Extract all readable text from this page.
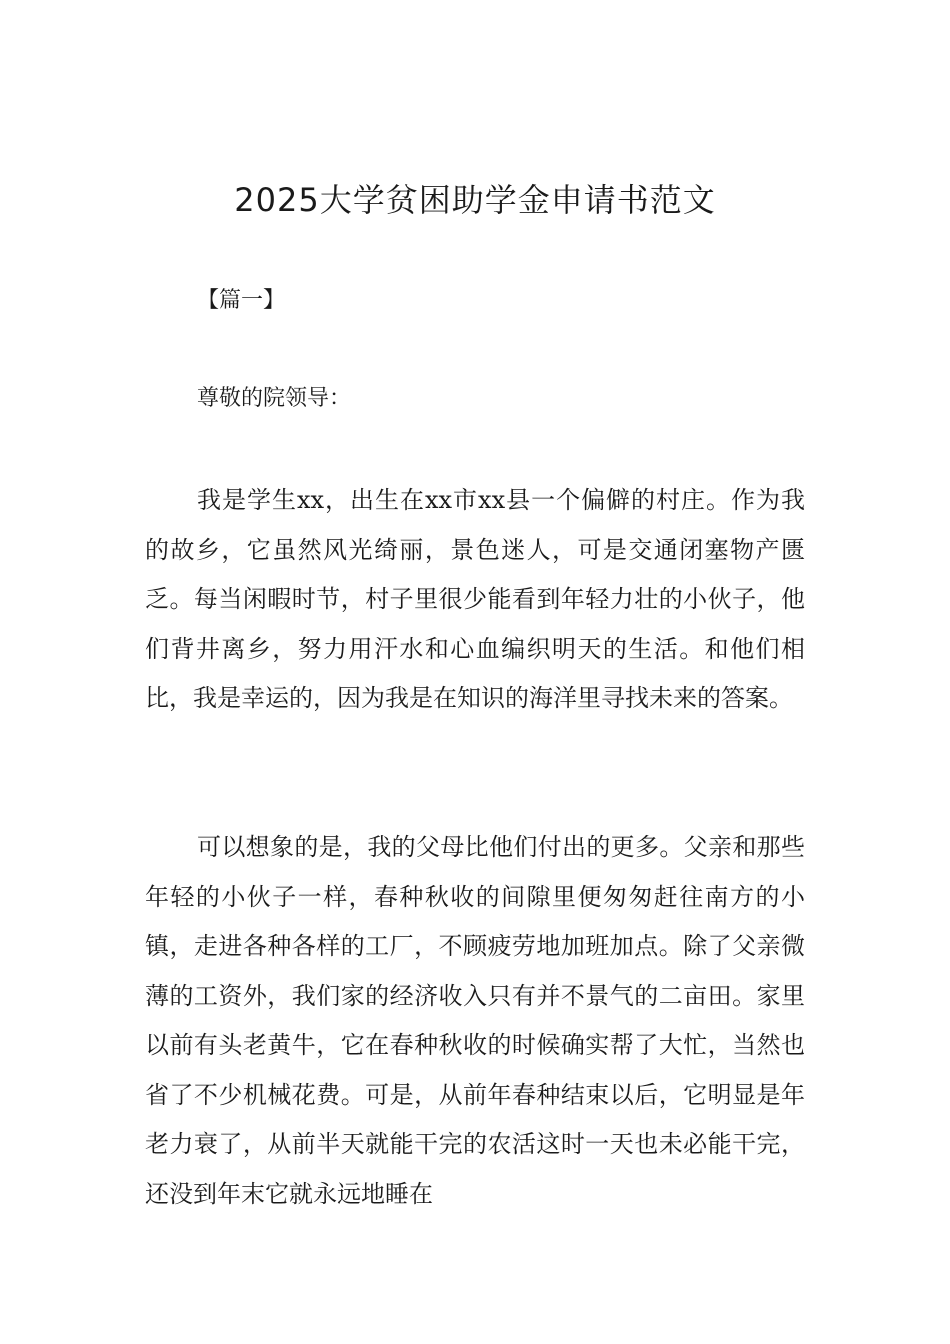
2025大学贫困助学金申请书范文

【篇一】

尊敬的院领导：

我是学生xx，出生在xx市xx县一个偏僻的村庄。作为我的故乡，它虽然风光绮丽，景色迷人，可是交通闭塞物产匮乏。每当闲暇时节，村子里很少能看到年轻力壮的小伙子，他们背井离乡，努力用汗水和心血编织明天的生活。和他们相比，我是幸运的，因为我是在知识的海洋里寻找未来的答案。

可以想象的是，我的父母比他们付出的更多。父亲和那些年轻的小伙子一样，春种秋收的间隙里便匆匆赶往南方的小镇，走进各种各样的工厂，不顾疲劳地加班加点。除了父亲微薄的工资外，我们家的经济收入只有并不景气的二亩田。家里以前有头老黄牛，它在春种秋收的时候确实帮了大忙，当然也省了不少机械花费。可是，从前年春种结束以后，它明显是年老力衰了，从前半天就能干完的农活这时一天也未必能干完，还没到年末它就永远地睡在
